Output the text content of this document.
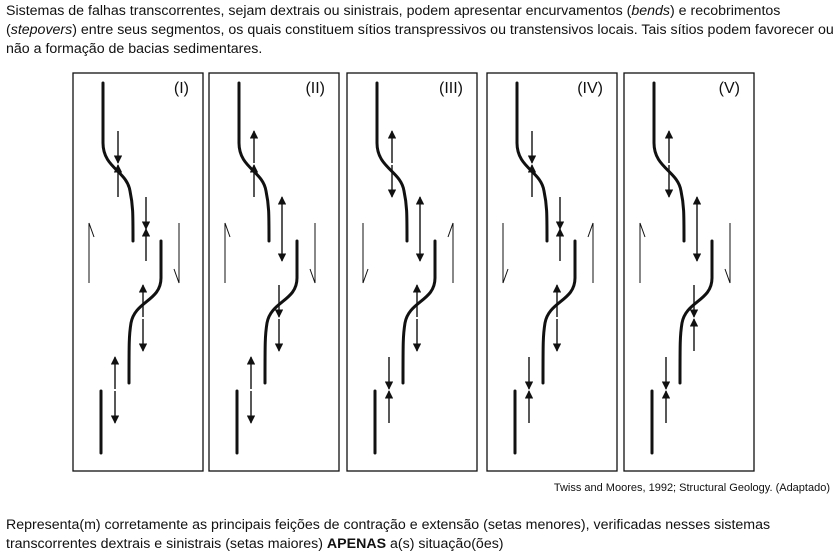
Sistemas de falhas transcorrentes, sejam dextrais ou sinistrais, podem apresentar encurvamentos (bends) e recobrimentos (stepovers) entre seus segmentos, os quais constituem sítios transpressivos ou transtensivos locais. Tais sítios podem favorecer ou não a formação de bacias sedimentares.

(I)	(II)	(III)	(IV)	(V)
Twiss and Moores, 1992; Structural Geology. (Adaptado)

Representa(m) corretamente as principais feições de contração e extensão (setas menores), verificadas nesses sistemas transcorrentes dextrais e sinistrais (setas maiores) APENAS a(s) situação(ões)
